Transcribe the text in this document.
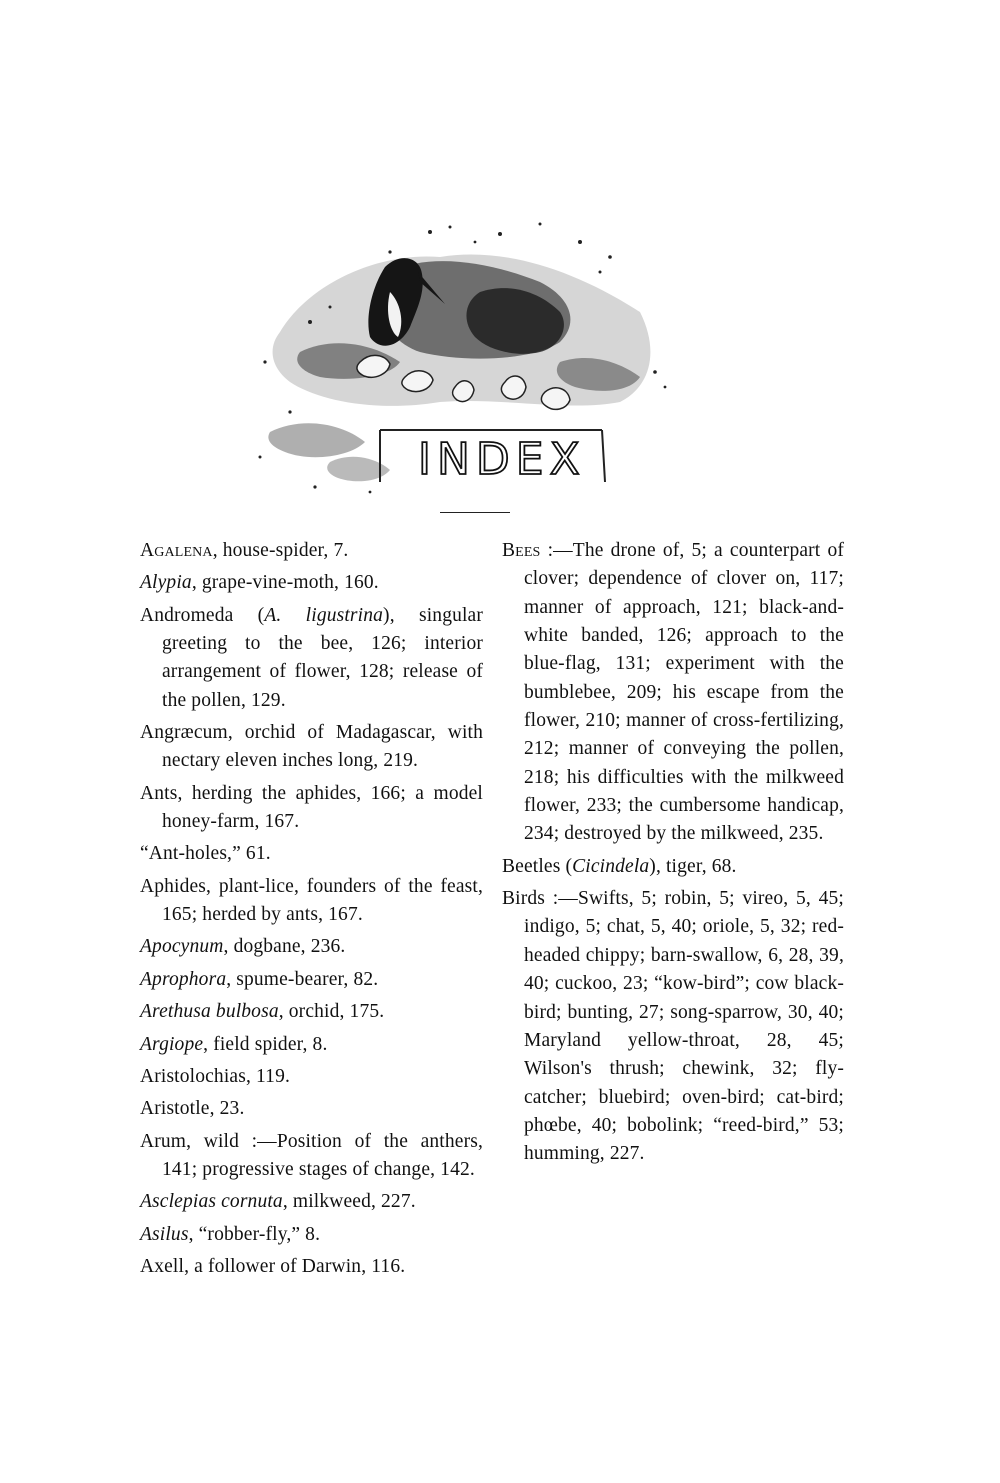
INDEX

Agalena, house-spider, 7.

Alypia, grape-vine-moth, 160.

Andromeda (A. ligustrina), singular greeting to the bee, 126; interior arrangement of flower, 128; release of the pollen, 129.

Angræcum, orchid of Madagascar, with nectary eleven inches long, 219.

Ants, herding the aphides, 166; a model honey-farm, 167.

“Ant-holes,” 61.

Aphides, plant-lice, founders of the feast, 165; herded by ants, 167.

Apocynum, dogbane, 236.

Aprophora, spume-bearer, 82.

Arethusa bulbosa, orchid, 175.

Argiope, field spider, 8.

Aristolochias, 119.

Aristotle, 23.

Arum, wild :—Position of the anthers, 141; progressive stages of change, 142.

Asclepias cornuta, milkweed, 227.

Asilus, “robber-fly,” 8.

Axell, a follower of Darwin, 116.

Bees :—The drone of, 5; a counterpart of clover; dependence of clover on, 117; manner of approach, 121; black-and-white banded, 126; approach to the blue-flag, 131; experiment with the bumblebee, 209; his escape from the flower, 210; manner of cross-fertilizing, 212; manner of conveying the pollen, 218; his difficulties with the milkweed flower, 233; the cumbersome handicap, 234; destroyed by the milkweed, 235.

Beetles (Cicindela), tiger, 68.

Birds :—Swifts, 5; robin, 5; vireo, 5, 45; indigo, 5; chat, 5, 40; oriole, 5, 32; red-headed chippy; barn-swallow, 6, 28, 39, 40; cuckoo, 23; “kow-bird”; cow black-bird; bunting, 27; song-sparrow, 30, 40; Maryland yellow-throat, 28, 45; Wilson's thrush; chewink, 32; fly-catcher; bluebird; oven-bird; cat-bird; phœbe, 40; bobolink; “reed-bird,” 53; humming, 227.
